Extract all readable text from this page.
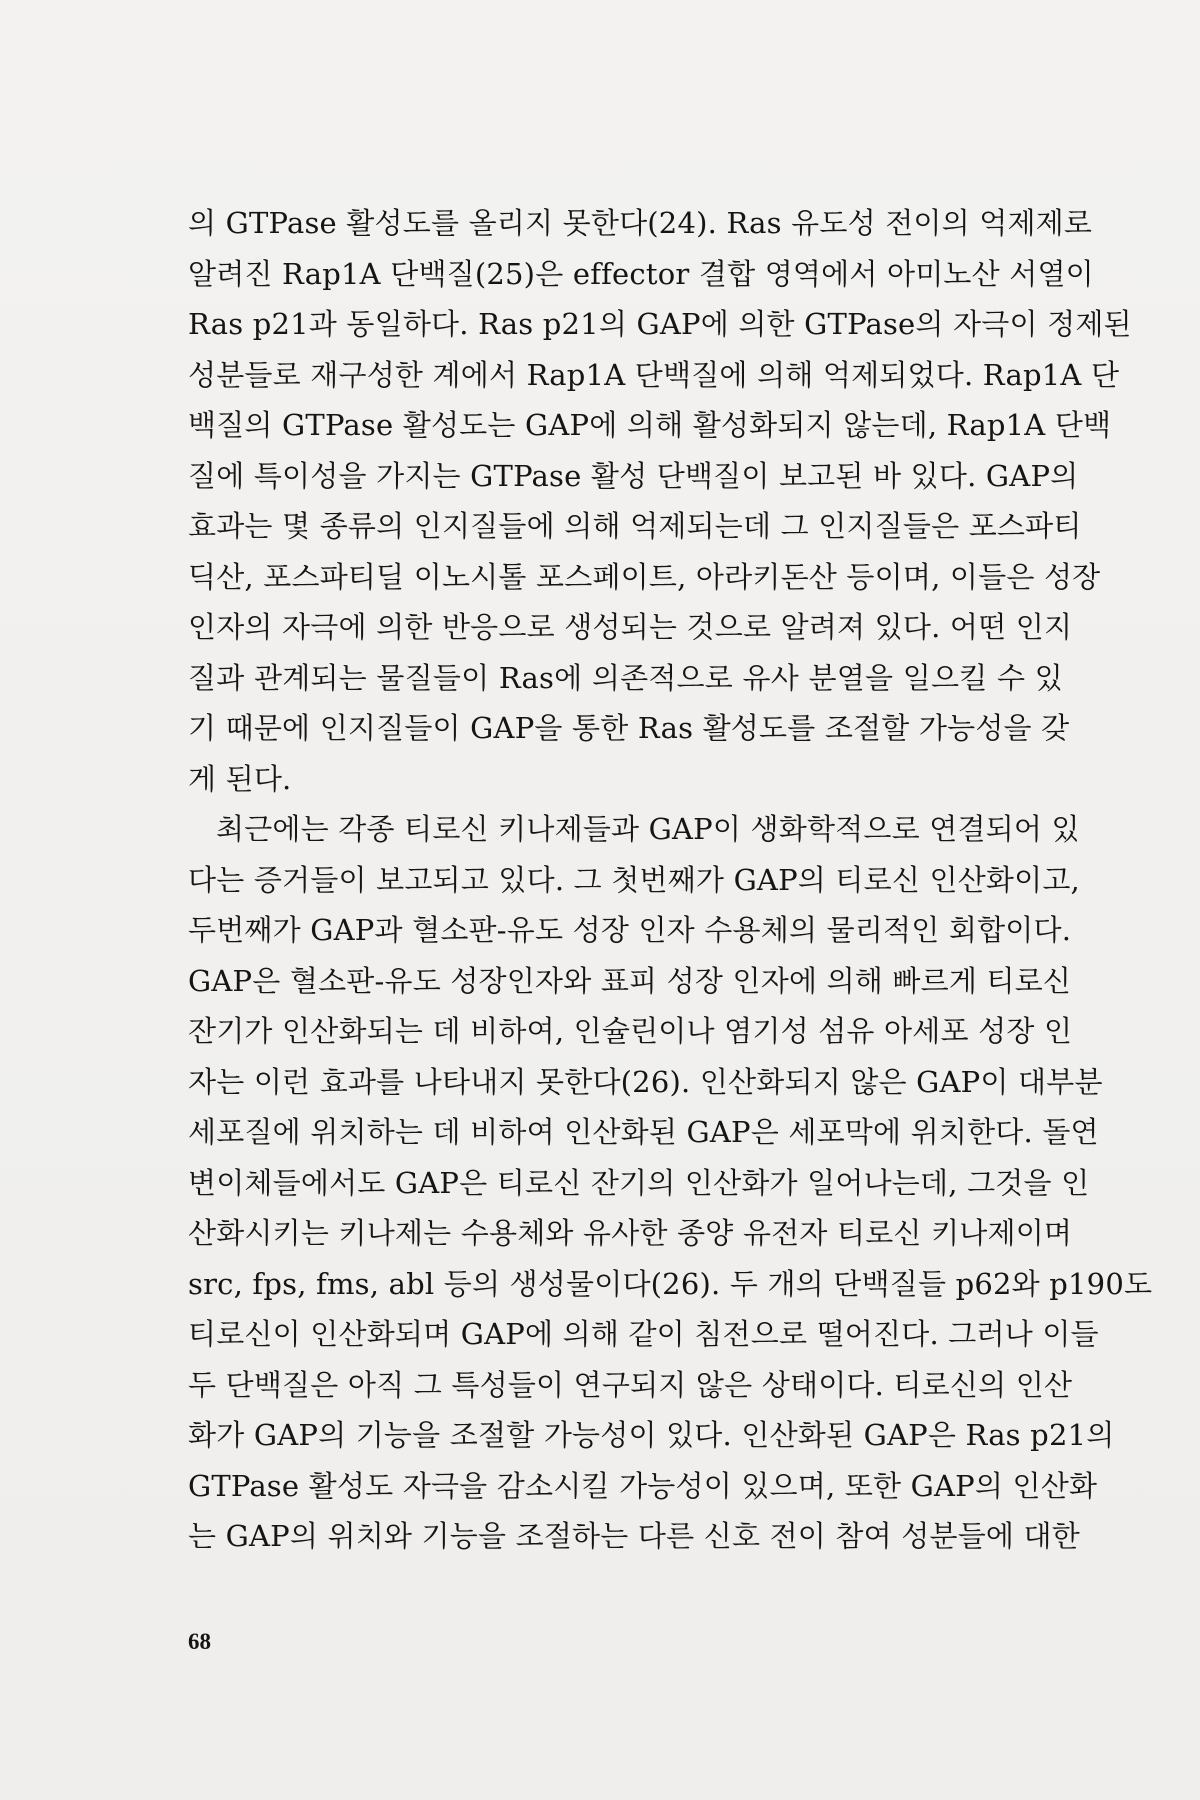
의 GTPase 활성도를 올리지 못한다(24). Ras 유도성 전이의 억제제로
알려진 Rap1A 단백질(25)은 effector 결합 영역에서 아미노산 서열이
Ras p21과 동일하다. Ras p21의 GAP에 의한 GTPase의 자극이 정제된
성분들로 재구성한 계에서 Rap1A 단백질에 의해 억제되었다. Rap1A 단
백질의 GTPase 활성도는 GAP에 의해 활성화되지 않는데, Rap1A 단백
질에 특이성을 가지는 GTPase 활성 단백질이 보고된 바 있다. GAP의
효과는 몇 종류의 인지질들에 의해 억제되는데 그 인지질들은 포스파티
딕산, 포스파티딜 이노시톨 포스페이트, 아라키돈산 등이며, 이들은 성장
인자의 자극에 의한 반응으로 생성되는 것으로 알려져 있다. 어떤 인지
질과 관계되는 물질들이 Ras에 의존적으로 유사 분열을 일으킬 수 있
기 때문에 인지질들이 GAP을 통한 Ras 활성도를 조절할 가능성을 갖
게 된다.
최근에는 각종 티로신 키나제들과 GAP이 생화학적으로 연결되어 있
다는 증거들이 보고되고 있다. 그 첫번째가 GAP의 티로신 인산화이고,
두번째가 GAP과 혈소판-유도 성장 인자 수용체의 물리적인 회합이다.
GAP은 혈소판-유도 성장인자와 표피 성장 인자에 의해 빠르게 티로신
잔기가 인산화되는 데 비하여, 인슐린이나 염기성 섬유 아세포 성장 인
자는 이런 효과를 나타내지 못한다(26). 인산화되지 않은 GAP이 대부분
세포질에 위치하는 데 비하여 인산화된 GAP은 세포막에 위치한다. 돌연
변이체들에서도 GAP은 티로신 잔기의 인산화가 일어나는데, 그것을 인
산화시키는 키나제는 수용체와 유사한 종양 유전자 티로신 키나제이며
src, fps, fms, abl 등의 생성물이다(26). 두 개의 단백질들 p62와 p190도
티로신이 인산화되며 GAP에 의해 같이 침전으로 떨어진다. 그러나 이들
두 단백질은 아직 그 특성들이 연구되지 않은 상태이다. 티로신의 인산
화가 GAP의 기능을 조절할 가능성이 있다. 인산화된 GAP은 Ras p21의
GTPase 활성도 자극을 감소시킬 가능성이 있으며, 또한 GAP의 인산화
는 GAP의 위치와 기능을 조절하는 다른 신호 전이 참여 성분들에 대한
68
